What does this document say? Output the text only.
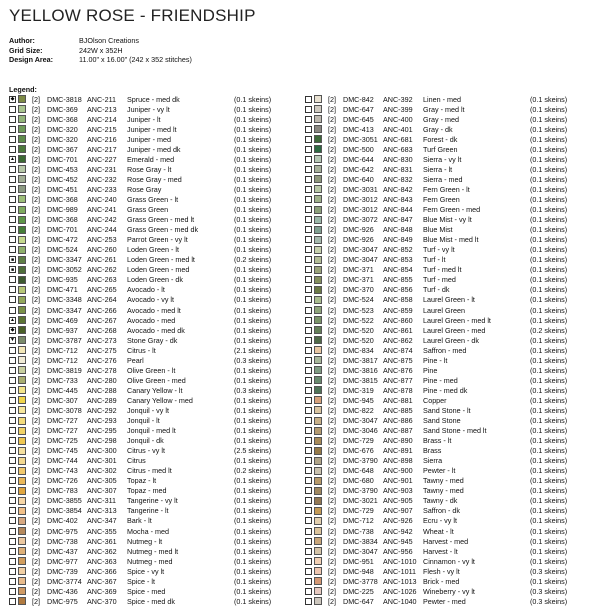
YELLOW ROSE - FRIENDSHIP
Author:	BJOlson Creations
Grid Size:	242W x 352H
Design Area:	11.00" x 16.00" (242 x 352 stitches)
Legend:
◆ [2] DMC-3818 ANC-211	Spruce - med dk	(0.1 skeins)
[2] DMC-369	ANC-213	Juniper - vy lt	(0.1 skeins)
[2] DMC-368	ANC-214	Juniper - lt	(0.1 skeins)
[2] DMC-320	ANC-215	Juniper - med lt	(0.1 skeins)
[2] DMC-320	ANC-216	Juniper - med	(0.1 skeins)
[2] DMC-367	ANC-217	Juniper - med dk	(0.1 skeins)
▲ [2] DMC-701	ANC-227	Emerald - med	(0.1 skeins)
[2] DMC-453	ANC-231	Rose Gray - lt	(0.1 skeins)
[2] DMC-452	ANC-232	Rose Gray - med	(0.1 skeins)
[2] DMC-451	ANC-233	Rose Gray	(0.1 skeins)
[2] DMC-368	ANC-240	Grass Green - lt	(0.1 skeins)
[2] DMC-989	ANC-241	Grass Green	(0.1 skeins)
[2] DMC-368	ANC-242	Grass Green - med lt	(0.1 skeins)
[2] DMC-701	ANC-244	Grass Green - med dk	(0.1 skeins)
[2] DMC-472	ANC-253	Parrot Green - vy lt	(0.1 skeins)
[2] DMC-524	ANC-260	Loden Green - lt	(0.1 skeins)
■ [2] DMC-3347 ANC-261	Loden Green - med lt	(0.2 skeins)
■ [2] DMC-3052 ANC-262	Loden Green - med	(0.1 skeins)
[2] DMC-935	ANC-263	Loden Green - dk	(0.1 skeins)
[2] DMC-471	ANC-265	Avocado - lt	(0.1 skeins)
[2] DMC-3348 ANC-264	Avocado - vy lt	(0.1 skeins)
[2] DMC-3347 ANC-266	Avocado - med lt	(0.1 skeins)
▲ [2] DMC-469	ANC-267	Avocado - med	(0.1 skeins)
◆ [2] DMC-937	ANC-268	Avocado - med dk	(0.1 skeins)
▼ [2] DMC-3787 ANC-273	Stone Gray - dk	(0.1 skeins)
[2] DMC-712	ANC-275	Citrus - lt	(2.1 skeins)
[2] DMC-712	ANC-276	Pearl	(0.3 skeins)
[2] DMC-3819 ANC-278	Olive Green - lt	(0.1 skeins)
[2] DMC-733	ANC-280	Olive Green - med	(0.1 skeins)
[2] DMC-445	ANC-288	Canary Yellow - lt	(0.3 skeins)
[2] DMC-307	ANC-289	Canary Yellow - med	(0.1 skeins)
[2] DMC-3078 ANC-292	Jonquil - vy lt	(0.1 skeins)
[2] DMC-727	ANC-293	Jonquil - lt	(0.1 skeins)
[2] DMC-727	ANC-295	Jonquil - med lt	(0.1 skeins)
[2] DMC-725	ANC-298	Jonquil - dk	(0.1 skeins)
[2] DMC-745	ANC-300	Citrus - vy lt	(2.5 skeins)
[2] DMC-744	ANC-301	Citrus	(0.1 skeins)
[2] DMC-743	ANC-302	Citrus - med lt	(0.2 skeins)
[2] DMC-726	ANC-305	Topaz - lt	(0.1 skeins)
[2] DMC-783	ANC-307	Topaz - med	(0.1 skeins)
[2] DMC-3855 ANC-311	Tangerine - vy lt	(0.1 skeins)
[2] DMC-3854 ANC-313	Tangerine - lt	(0.1 skeins)
[2] DMC-402	ANC-347	Bark - lt	(0.1 skeins)
[2] DMC-975	ANC-355	Mocha - med	(0.1 skeins)
[2] DMC-738	ANC-361	Nutmeg - lt	(0.1 skeins)
[2] DMC-437	ANC-362	Nutmeg - med lt	(0.1 skeins)
[2] DMC-977	ANC-363	Nutmeg - med	(0.1 skeins)
[2] DMC-739	ANC-366	Spice - vy lt	(0.1 skeins)
[2] DMC-3774 ANC-367	Spice - lt	(0.1 skeins)
[2] DMC-436	ANC-369	Spice - med	(0.1 skeins)
[2] DMC-975	ANC-370	Spice - med dk	(0.1 skeins)
[2] DMC-842	ANC-392	Linen - med	(0.1 skeins)
[2] DMC-647	ANC-399	Gray - med lt	(0.1 skeins)
[2] DMC-645	ANC-400	Gray - med	(0.1 skeins)
[2] DMC-413	ANC-401	Gray - dk	(0.1 skeins)
[2] DMC-3051 ANC-681	Forest - dk	(0.1 skeins)
[2] DMC-500	ANC-683	Turf Green	(0.1 skeins)
[2] DMC-644	ANC-830	Sierra - vy lt	(0.1 skeins)
[2] DMC-642	ANC-831	Sierra - lt	(0.1 skeins)
[2] DMC-640	ANC-832	Sierra - med	(0.1 skeins)
[2] DMC-3031 ANC-842	Fern Green - lt	(0.1 skeins)
[2] DMC-3012 ANC-843	Fern Green	(0.1 skeins)
[2] DMC-3012 ANC-844	Fern Green - med	(0.1 skeins)
[2] DMC-3072 ANC-847	Blue Mist - vy lt	(0.1 skeins)
[2] DMC-926	ANC-848	Blue Mist	(0.1 skeins)
[2] DMC-926	ANC-849	Blue Mist - med lt	(0.1 skeins)
[2] DMC-3047 ANC-852	Turf - vy lt	(0.1 skeins)
[2] DMC-3047 ANC-853	Turf - lt	(0.1 skeins)
[2] DMC-371	ANC-854	Turf - med lt	(0.1 skeins)
[2] DMC-371	ANC-855	Turf - med	(0.1 skeins)
[2] DMC-370	ANC-856	Turf - dk	(0.1 skeins)
[2] DMC-524	ANC-858	Laurel Green - lt	(0.1 skeins)
[2] DMC-523	ANC-859	Laurel Green	(0.1 skeins)
[2] DMC-522	ANC-860	Laurel Green - med lt	(0.1 skeins)
[2] DMC-520	ANC-861	Laurel Green - med	(0.2 skeins)
[2] DMC-520	ANC-862	Laurel Green - dk	(0.1 skeins)
[2] DMC-834	ANC-874	Saffron - med	(0.1 skeins)
[2] DMC-3817 ANC-875	Pine - lt	(0.1 skeins)
[2] DMC-3816 ANC-876	Pine	(0.1 skeins)
[2] DMC-3815 ANC-877	Pine - med	(0.1 skeins)
[2] DMC-319	ANC-878	Pine - med dk	(0.1 skeins)
[2] DMC-945	ANC-881	Copper	(0.1 skeins)
[2] DMC-822	ANC-885	Sand Stone - lt	(0.1 skeins)
[2] DMC-3047 ANC-886	Sand Stone	(0.1 skeins)
[2] DMC-3046 ANC-887	Sand Stone - med lt	(0.1 skeins)
[2] DMC-729	ANC-890	Brass - lt	(0.1 skeins)
[2] DMC-676	ANC-891	Brass	(0.1 skeins)
[2] DMC-3790 ANC-898	Sierra	(0.1 skeins)
[2] DMC-648	ANC-900	Pewter - lt	(0.1 skeins)
[2] DMC-680	ANC-901	Tawny - med	(0.1 skeins)
[2] DMC-3790 ANC-903	Tawny - med	(0.1 skeins)
[2] DMC-3021 ANC-905	Tawny - dk	(0.1 skeins)
[2] DMC-729	ANC-907	Saffron - dk	(0.1 skeins)
[2] DMC-712	ANC-926	Ecru - vy lt	(0.1 skeins)
[2] DMC-738	ANC-942	Wheat - lt	(0.1 skeins)
[2] DMC-3834 ANC-945	Harvest - med	(0.1 skeins)
[2] DMC-3047 ANC-956	Harvest - lt	(0.1 skeins)
[2] DMC-951	ANC-1010 Cinnamon - vy lt	(0.1 skeins)
[2] DMC-948	ANC-1011 Flesh - vy lt	(0.3 skeins)
[2] DMC-3778 ANC-1013 Brick - med	(0.1 skeins)
[2] DMC-225	ANC-1026 Wineberry - vy lt	(0.3 skeins)
[2] DMC-647	ANC-1040 Pewter - med	(0.3 skeins)
